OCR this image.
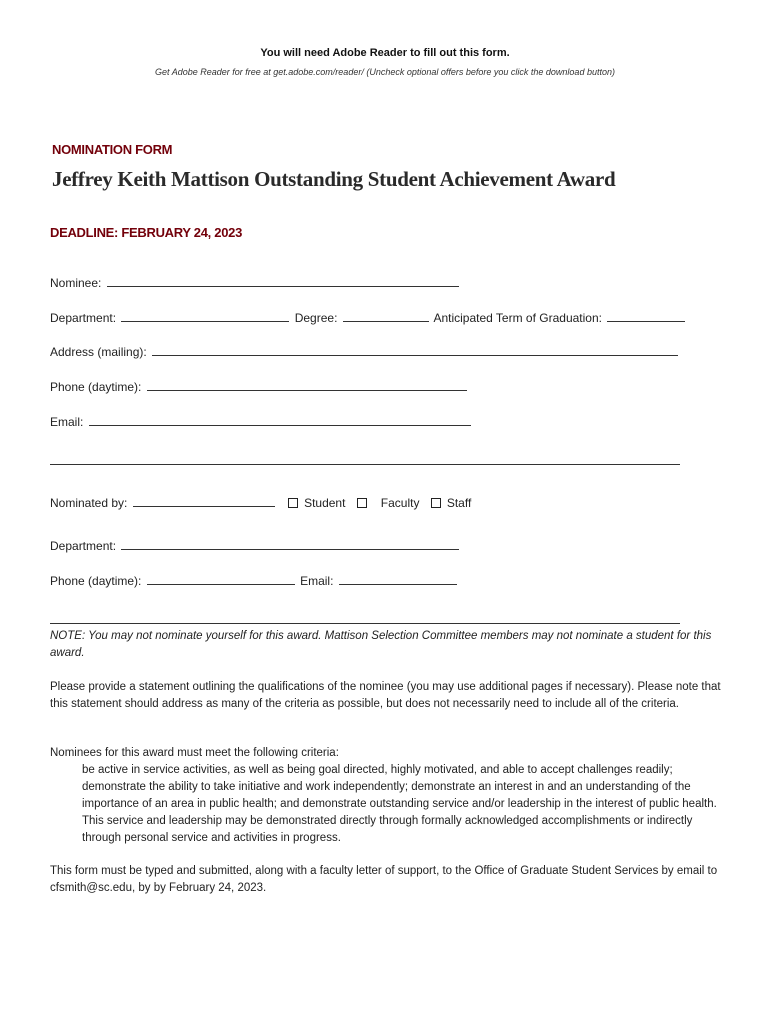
You will need Adobe Reader to fill out this form.
Get Adobe Reader for free at get.adobe.com/reader/ (Uncheck optional offers before you click the download button)
NOMINATION FORM
Jeffrey Keith Mattison Outstanding Student Achievement Award
DEADLINE: FEBRUARY 24, 2023
Nominee:
Department:	Degree:	Anticipated Term of Graduation:
Address (mailing):
Phone (daytime):
Email:
Nominated by:	Student	Faculty Staff
Department:
Phone (daytime):	Email:
NOTE: You may not nominate yourself for this award. Mattison Selection Committee members may not nominate a student for this award.
Please provide a statement outlining the qualifications of the nominee (you may use additional pages if necessary). Please note that this statement should address as many of the criteria as possible, but does not necessarily need to include all of the criteria.
Nominees for this award must meet the following criteria:
be active in service activities, as well as being goal directed, highly motivated, and able to accept challenges readily; demonstrate the ability to take initiative and work independently; demonstrate an interest in and an understanding of the importance of an area in public health; and demonstrate outstanding service and/or leadership in the interest of public health. This service and leadership may be demonstrated directly through formally acknowledged accomplishments or indirectly through personal service and activities in progress.
This form must be typed and submitted, along with a faculty letter of support, to the Office of Graduate Student Services by email to cfsmith@sc.edu, by by February 24, 2023.
